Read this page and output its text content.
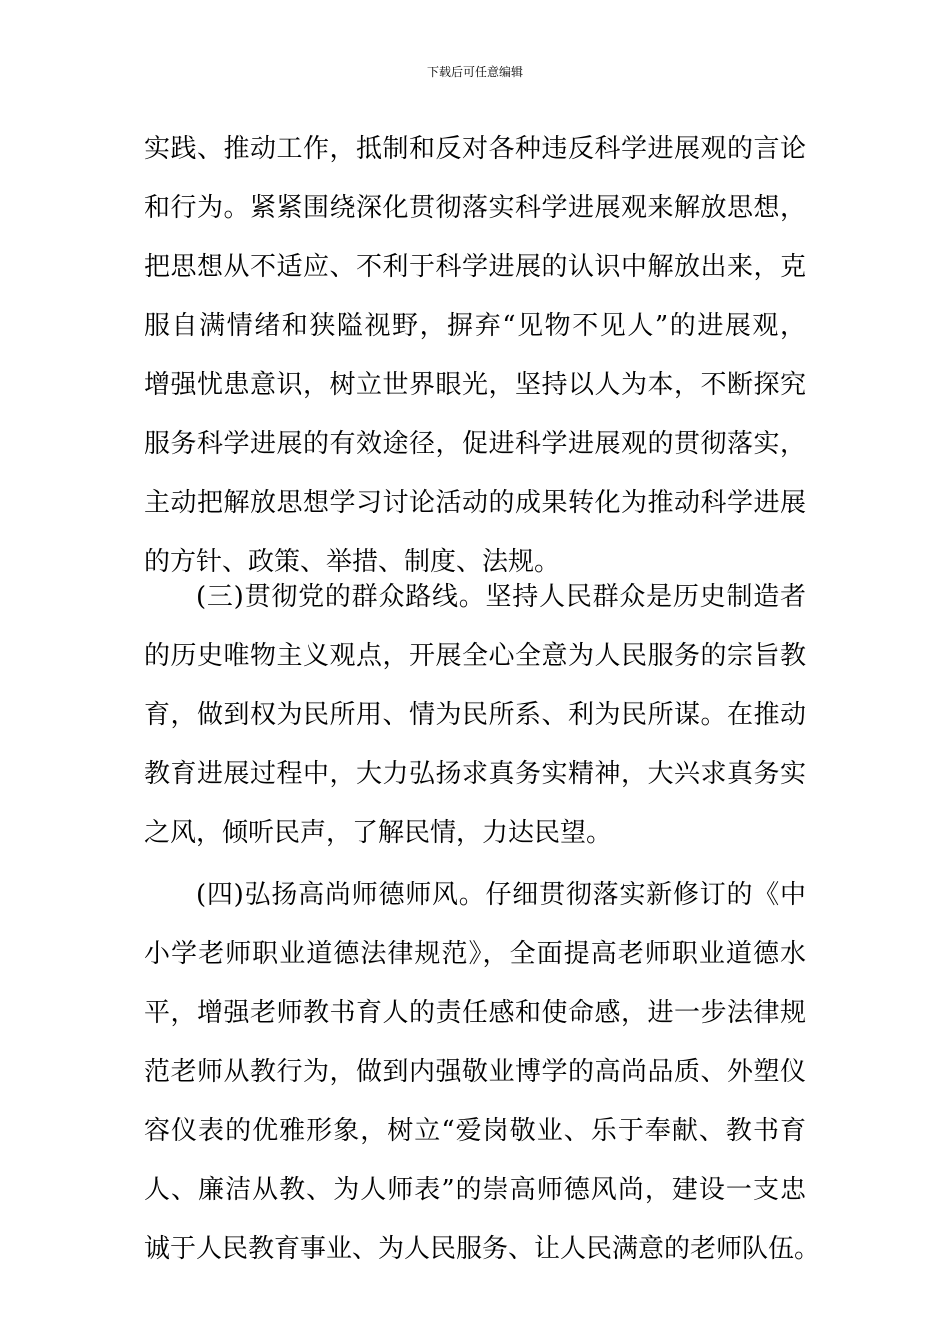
下载后可任意编辑
实践、推动工作，抵制和反对各种违反科学进展观的言论
和行为。紧紧围绕深化贯彻落实科学进展观来解放思想，
把思想从不适应、不利于科学进展的认识中解放出来，克
服自满情绪和狭隘视野，摒弃“见物不见人”的进展观，
增强忧患意识，树立世界眼光，坚持以人为本，不断探究
服务科学进展的有效途径，促进科学进展观的贯彻落实，
主动把解放思想学习讨论活动的成果转化为推动科学进展
的方针、政策、举措、制度、法规。
(三)贯彻党的群众路线。坚持人民群众是历史制造者
的历史唯物主义观点，开展全心全意为人民服务的宗旨教
育，做到权为民所用、情为民所系、利为民所谋。在推动
教育进展过程中，大力弘扬求真务实精神，大兴求真务实
之风，倾听民声，了解民情，力达民望。
(四)弘扬高尚师德师风。仔细贯彻落实新修订的《中
小学老师职业道德法律规范》，全面提高老师职业道德水
平，增强老师教书育人的责任感和使命感，进一步法律规
范老师从教行为，做到内强敬业博学的高尚品质、外塑仪
容仪表的优雅形象，树立“爱岗敬业、乐于奉献、教书育
人、廉洁从教、为人师表”的崇高师德风尚，建设一支忠
诚于人民教育事业、为人民服务、让人民满意的老师队伍。
